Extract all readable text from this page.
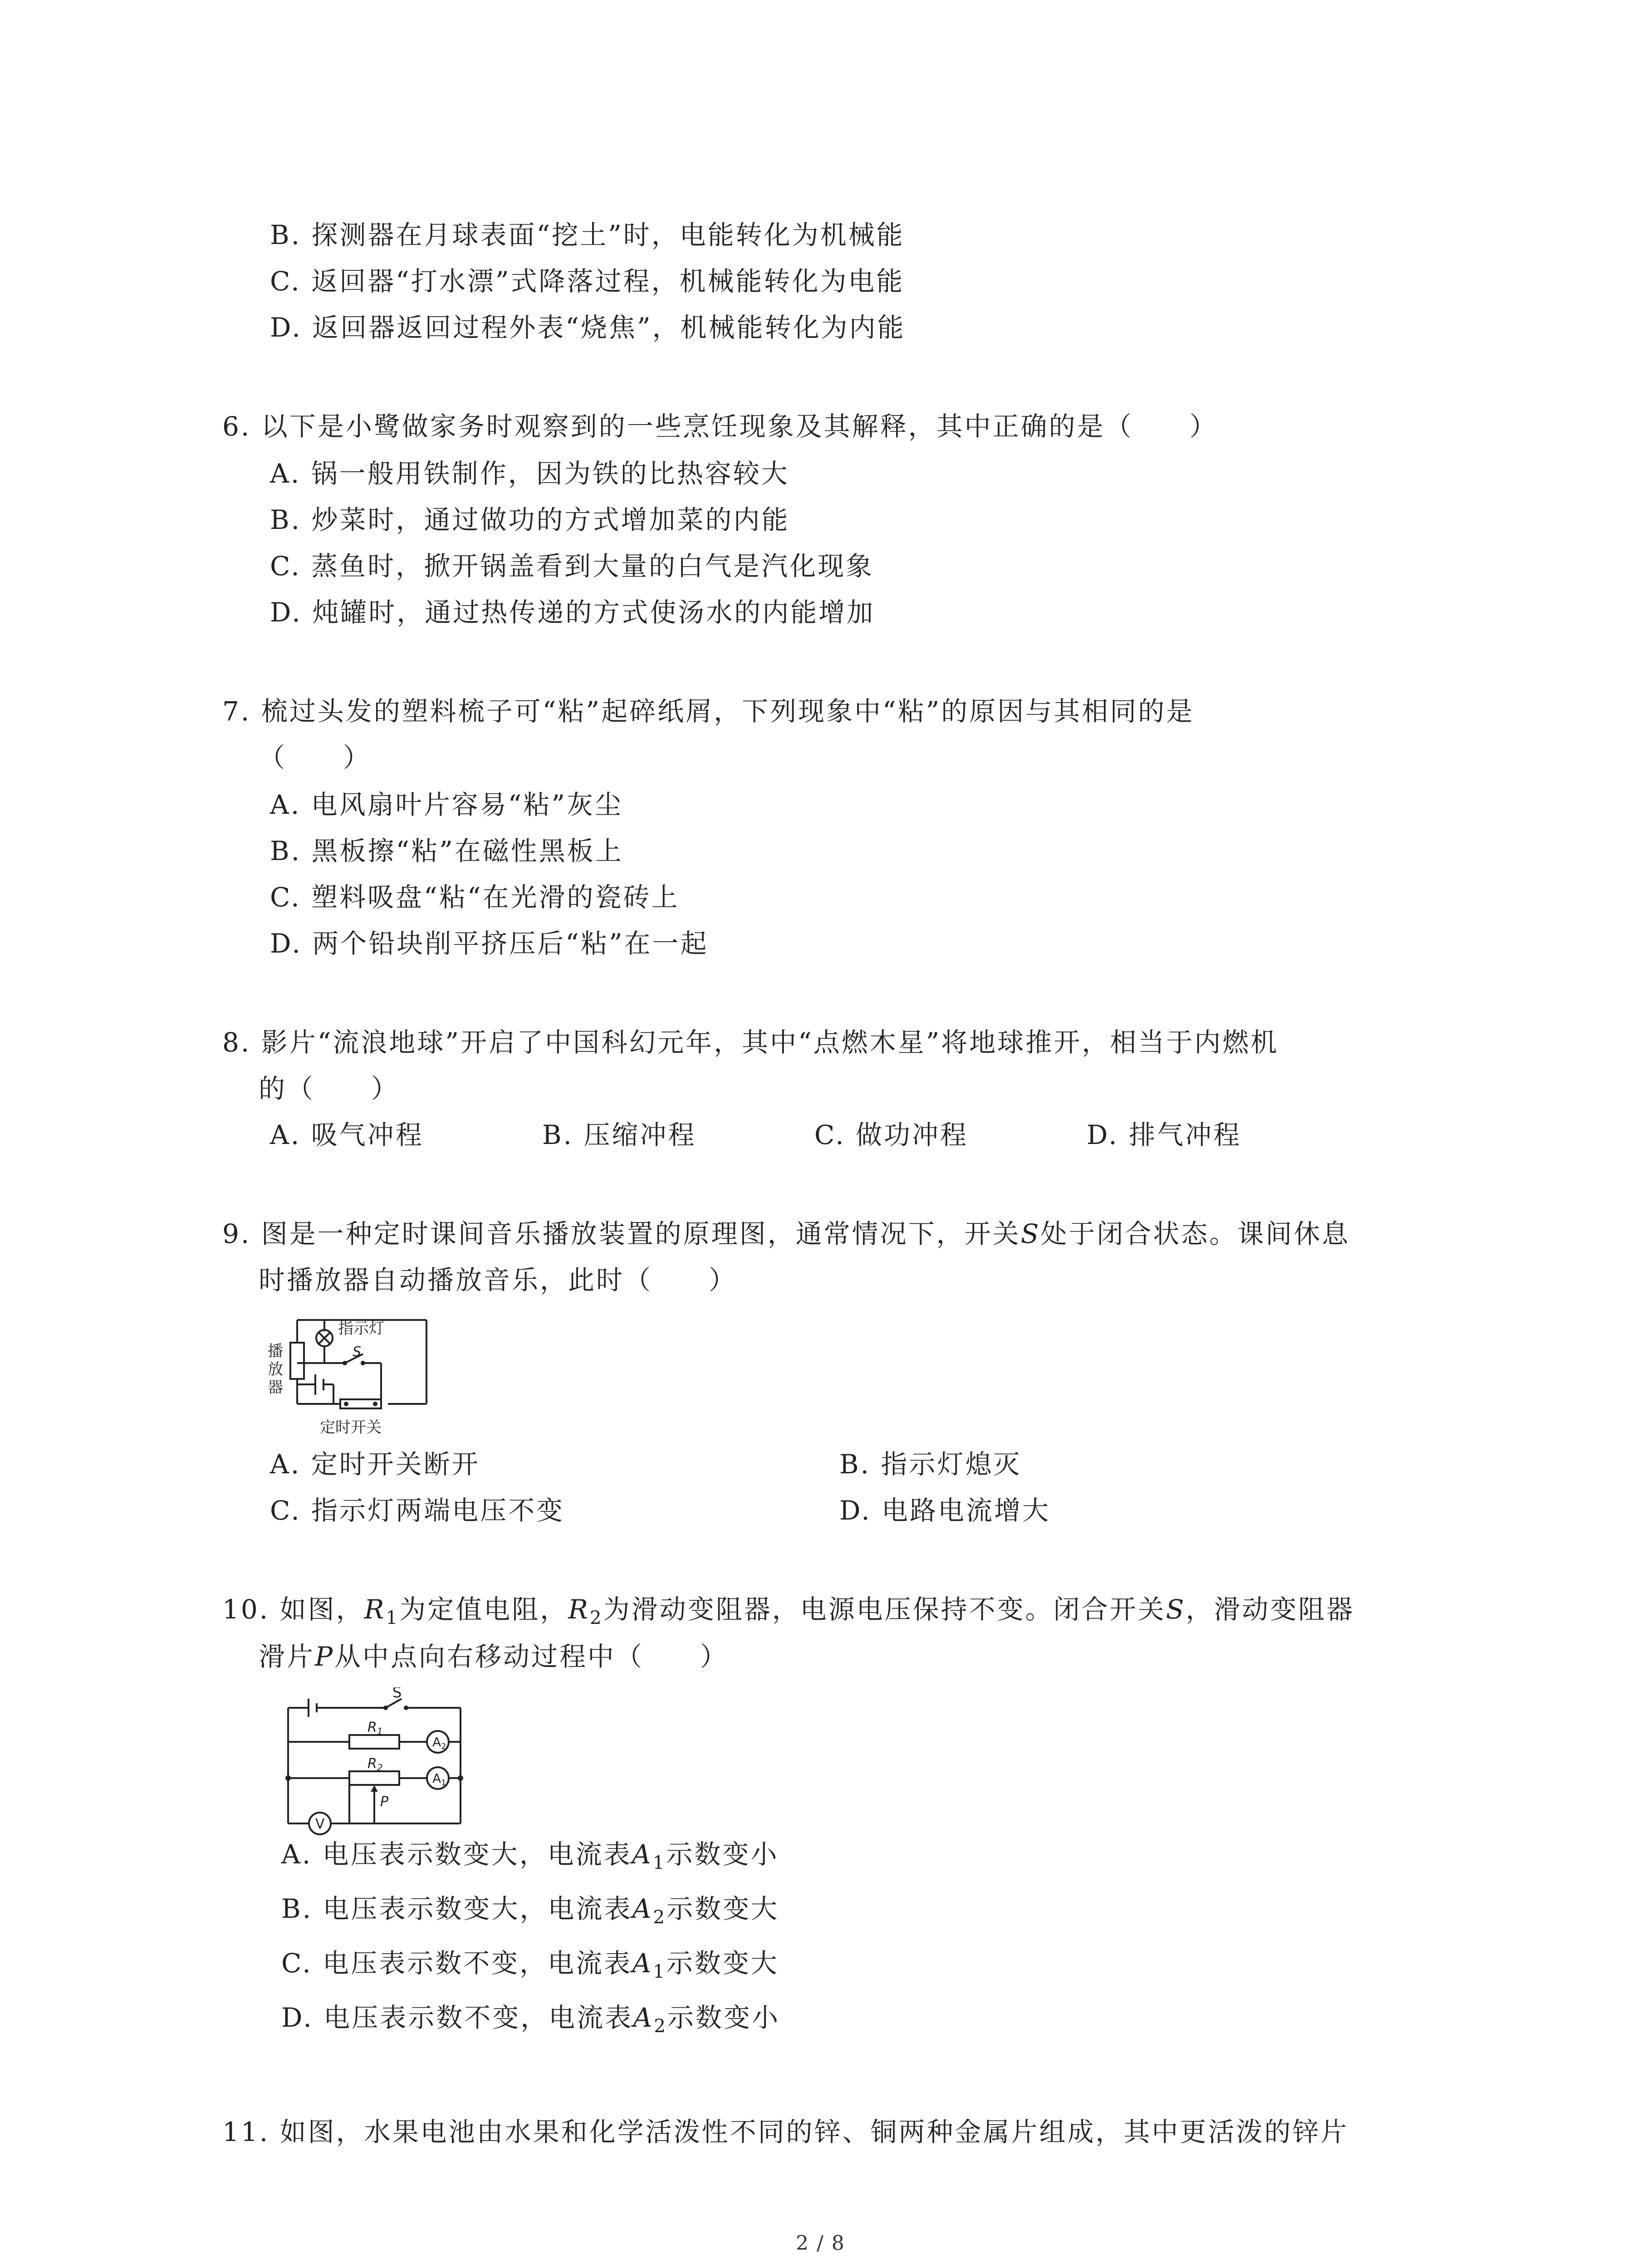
B. 探测器在月球表面“挖土”时，电能转化为机械能
C. 返回器“打水漂”式降落过程，机械能转化为电能
D. 返回器返回过程外表“烧焦”，机械能转化为内能
6. 以下是小鹭做家务时观察到的一些烹饪现象及其解释，其中正确的是（　　）
A. 锅一般用铁制作，因为铁的比热容较大
B. 炒菜时，通过做功的方式增加菜的内能
C. 蒸鱼时，掀开锅盖看到大量的白气是汽化现象
D. 炖罐时，通过热传递的方式使汤水的内能增加
7. 梳过头发的塑料梳子可“粘”起碎纸屑，下列现象中“粘”的原因与其相同的是
（　　）
A. 电风扇叶片容易“粘”灰尘
B. 黑板擦“粘”在磁性黑板上
C. 塑料吸盘“粘“在光滑的瓷砖上
D. 两个铅块削平挤压后“粘”在一起
8. 影片“流浪地球”开启了中国科幻元年，其中“点燃木星”将地球推开，相当于内燃机
的（　　）
A. 吸气冲程	B. 压缩冲程	C. 做功冲程	D. 排气冲程
9. 图是一种定时课间音乐播放装置的原理图，通常情况下，开关S处于闭合状态。课间休息
时播放器自动播放音乐，此时（　　）
指示灯
播
放
器
S
定时开关
A. 定时开关断开	B. 指示灯熄灭
C. 指示灯两端电压不变	D. 电路电流增大
10. 如图，$R_1$为定值电阻，$R_2$为滑动变阻器，电源电压保持不变。闭合开关S，滑动变阻器
滑片P从中点向右移动过程中（　　）
S
$R_1$
$R_2$
$A_2$
$A_1$
V
P
A. 电压表示数变大，电流表$A_1$示数变小
B. 电压表示数变大，电流表$A_2$示数变大
C. 电压表示数不变，电流表$A_1$示数变大
D. 电压表示数不变，电流表$A_2$示数变小
11. 如图，水果电池由水果和化学活泼性不同的锌、铜两种金属片组成，其中更活泼的锌片
2 / 8
